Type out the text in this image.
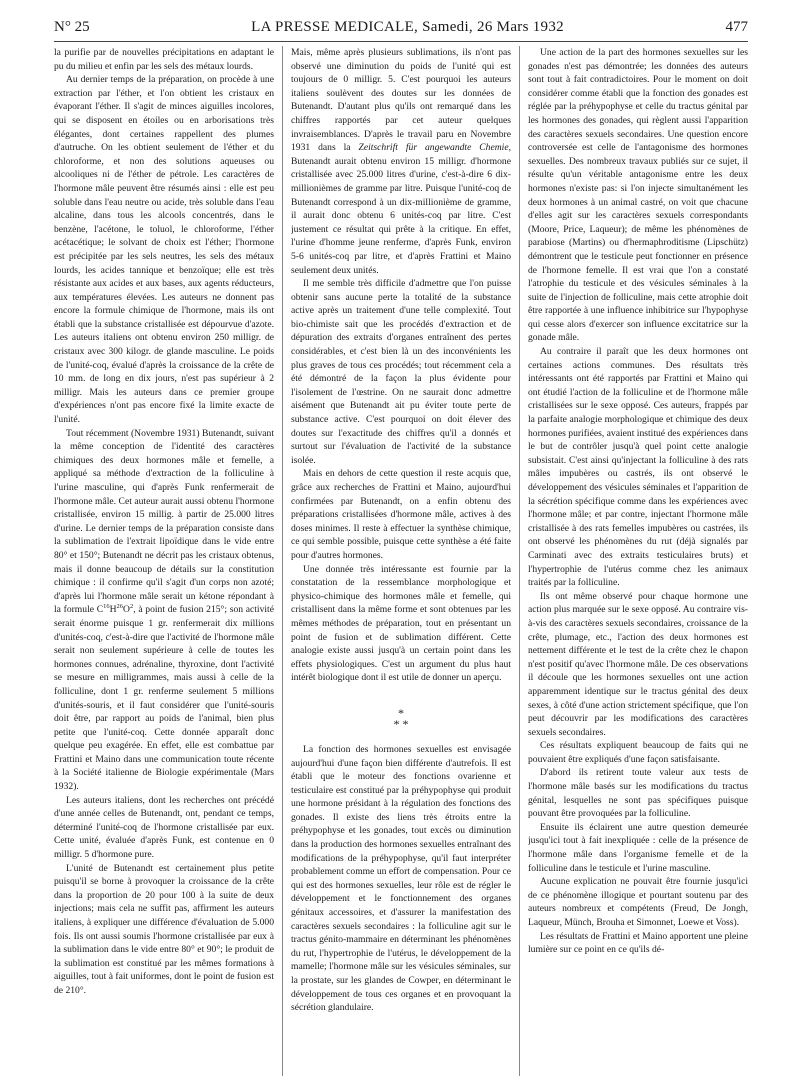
N° 25	LA PRESSE MEDICALE, Samedi, 26 Mars 1932	477

la purifie par de nouvelles précipitations en adaptant le pu du milieu et enfin par les sels des métaux lourds.

Au dernier temps de la préparation, on procède à une extraction par l'éther, et l'on obtient les cristaux en évaporant l'éther. Il s'agit de minces aiguilles incolores, qui se disposent en étoiles ou en arborisations très élégantes, dont certaines rappellent des plumes d'autruche. On les obtient seulement de l'éther et du chloroforme, et non des solutions aqueuses ou alcooliques ni de l'éther de pétrole. Les caractères de l'hormone mâle peuvent être résumés ainsi : elle est peu soluble dans l'eau neutre ou acide, très soluble dans l'eau alcaline, dans tous les alcools concentrés, dans le benzène, l'acétone, le toluol, le chloroforme, l'éther acétacétique; le solvant de choix est l'éther; l'hormone est précipitée par les sels neutres, les sels des métaux lourds, les acides tannique et benzoïque; elle est très résistante aux acides et aux bases, aux agents réducteurs, aux températures élevées. Les auteurs ne donnent pas encore la formule chimique de l'hormone, mais ils ont établi que la substance cristallisée est dépourvue d'azote. Les auteurs italiens ont obtenu environ 250 milligr. de cristaux avec 300 kilogr. de glande masculine. Le poids de l'unité-coq, évalué d'après la croissance de la crête de 10 mm. de long en dix jours, n'est pas supérieur à 2 milligr. Mais les auteurs dans ce premier groupe d'expériences n'ont pas encore fixé la limite exacte de l'unité.

Tout récemment (Novembre 1931) Butenandt, suivant la même conception de l'identité des caractères chimiques des deux hormones mâle et femelle, a appliqué sa méthode d'extraction de la folliculine à l'urine masculine, qui d'après Funk renfermerait de l'hormone mâle. Cet auteur aurait aussi obtenu l'hormone cristallisée, environ 15 millig. à partir de 25.000 litres d'urine. Le dernier temps de la préparation consiste dans la sublimation de l'extrait lipoïdique dans le vide entre 80° et 150°; Butenandt ne décrit pas les cristaux obtenus, mais il donne beaucoup de détails sur la constitution chimique : il confirme qu'il s'agit d'un corps non azoté; d'après lui l'hormone mâle serait un kétone répondant à la formule $C^{16}H^{26}O^2$, à point de fusion 215°; son activité serait énorme puisque 1 gr. renfermerait dix millions d'unités-coq, c'est-à-dire que l'activité de l'hormone mâle serait non seulement supérieure à celle de toutes les hormones connues, adrénaline, thyroxine, dont l'activité se mesure en milligrammes, mais aussi à celle de la folliculine, dont 1 gr. renferme seulement 5 millions d'unités-souris, et il faut considérer que l'unité-souris doit être, par rapport au poids de l'animal, bien plus petite que l'unité-coq. Cette donnée apparaît donc quelque peu exagérée. En effet, elle est combattue par Frattini et Maino dans une communication toute récente à la Société italienne de Biologie expérimentale (Mars 1932).

Les auteurs italiens, dont les recherches ont précédé d'une année celles de Butenandt, ont, pendant ce temps, déterminé l'unité-coq de l'hormone cristallisée par eux. Cette unité, évaluée d'après Funk, est contenue en 0 milligr. 5 d'hormone pure.

L'unité de Butenandt est certainement plus petite puisqu'il se borne à provoquer la croissance de la crête dans la proportion de 20 pour 100 à la suite de deux injections; mais cela ne suffit pas, affirment les auteurs italiens, à expliquer une différence d'évaluation de 5.000 fois. Ils ont aussi soumis l'hormone cristallisée par eux à la sublimation dans le vide entre 80° et 90°; le produit de la sublimation est constitué par les mêmes formations à aiguilles, tout à fait uniformes, dont le point de fusion est de 210°.

Mais, même après plusieurs sublimations, ils n'ont pas observé une diminution du poids de l'unité qui est toujours de 0 milligr. 5. C'est pourquoi les auteurs italiens soulèvent des doutes sur les données de Butenandt. D'autant plus qu'ils ont remarqué dans les chiffres rapportés par cet auteur quelques invraisemblances. D'après le travail paru en Novembre 1931 dans la Zeitschrift für angewandte Chemie, Butenandt aurait obtenu environ 15 milligr. d'hormone cristallisée avec 25.000 litres d'urine, c'est-à-dire 6 dix-millionièmes de gramme par litre. Puisque l'unité-coq de Butenandt correspond à un dix-millionième de gramme, il aurait donc obtenu 6 unités-coq par litre. C'est justement ce résultat qui prête à la critique. En effet, l'urine d'homme jeune renferme, d'après Funk, environ 5-6 unités-coq par litre, et d'après Frattini et Maino seulement deux unités.

Il me semble très difficile d'admettre que l'on puisse obtenir sans aucune perte la totalité de la substance active après un traitement d'une telle complexité. Tout bio-chimiste sait que les procédés d'extraction et de dépuration des extraits d'organes entraînent des pertes considérables, et c'est bien là un des inconvénients les plus graves de tous ces procédés; tout récemment cela a été démontré de la façon la plus évidente pour l'isolement de l'œstrine. On ne saurait donc admettre aisément que Butenandt ait pu éviter toute perte de substance active. C'est pourquoi on doit élever des doutes sur l'exactitude des chiffres qu'il a donnés et surtout sur l'évaluation de l'activité de la substance isolée.

Mais en dehors de cette question il reste acquis que, grâce aux recherches de Frattini et Maino, aujourd'hui confirmées par Butenandt, on a enfin obtenu des préparations cristallisées d'hormone mâle, actives à des doses minimes. Il reste à effectuer la synthèse chimique, ce qui semble possible, puisque cette synthèse a été faite pour d'autres hormones.

Une donnée très intéressante est fournie par la constatation de la ressemblance morphologique et physico-chimique des hormones mâle et femelle, qui cristallisent dans la même forme et sont obtenues par les mêmes méthodes de préparation, tout en présentant un point de fusion et de sublimation différent. Cette analogie existe aussi jusqu'à un certain point dans les effets physiologiques. C'est un argument du plus haut intérêt biologique dont il est utile de donner un aperçu.

*
* *

La fonction des hormones sexuelles est envisagée aujourd'hui d'une façon bien différente d'autrefois. Il est établi que le moteur des fonctions ovarienne et testiculaire est constitué par la préhypophyse qui produit une hormone présidant à la régulation des fonctions des gonades. Il existe des liens très étroits entre la préhypophyse et les gonades, tout excès ou diminution dans la production des hormones sexuelles entraînant des modifications de la préhypophyse, qu'il faut interpréter probablement comme un effort de compensation. Pour ce qui est des hormones sexuelles, leur rôle est de régler le développement et le fonctionnement des organes génitaux accessoires, et d'assurer la manifestation des caractères sexuels secondaires : la folliculine agit sur le tractus génito-mammaire en déterminant les phénomènes du rut, l'hypertrophie de l'utérus, le développement de la mamelle; l'hormone mâle sur les vésicules séminales, sur la prostate, sur les glandes de Cowper, en déterminant le développement de tous ces organes et en provoquant la sécrétion glandulaire.

Une action de la part des hormones sexuelles sur les gonades n'est pas démontrée; les données des auteurs sont tout à fait contradictoires. Pour le moment on doit considérer comme établi que la fonction des gonades est réglée par la préhypophyse et celle du tractus génital par les hormones des gonades, qui règlent aussi l'apparition des caractères sexuels secondaires. Une question encore controversée est celle de l'antagonisme des hormones sexuelles. Des nombreux travaux publiés sur ce sujet, il résulte qu'un véritable antagonisme entre les deux hormones n'existe pas: si l'on injecte simultanément les deux hormones à un animal castré, on voit que chacune d'elles agit sur les caractères sexuels correspondants (Moore, Price, Laqueur); de même les phénomènes de parabiose (Martins) ou d'hermaphroditisme (Lipschütz) démontrent que le testicule peut fonctionner en présence de l'hormone femelle. Il est vrai que l'on a constaté l'atrophie du testicule et des vésicules séminales à la suite de l'injection de folliculine, mais cette atrophie doit être rapportée à une influence inhibitrice sur l'hypophyse qui cesse alors d'exercer son influence excitatrice sur la gonade mâle.

Au contraire il paraît que les deux hormones ont certaines actions communes. Des résultats très intéressants ont été rapportés par Frattini et Maino qui ont étudié l'action de la folliculine et de l'hormone mâle cristallisées sur le sexe opposé. Ces auteurs, frappés par la parfaite analogie morphologique et chimique des deux hormones purifiées, avaient institué des expériences dans le but de contrôler jusqu'à quel point cette analogie subsistait. C'est ainsi qu'injectant la folliculine à des rats mâles impubères ou castrés, ils ont observé le développement des vésicules séminales et l'apparition de la sécrétion spécifique comme dans les expériences avec l'hormone mâle; et par contre, injectant l'hormone mâle cristallisée à des rats femelles impubères ou castrées, ils ont observé les phénomènes du rut (déjà signalés par Carminati avec des extraits testiculaires bruts) et l'hypertrophie de l'utérus comme chez les animaux traités par la folliculine.

Ils ont même observé pour chaque hormone une action plus marquée sur le sexe opposé. Au contraire vis-à-vis des caractères sexuels secondaires, croissance de la crête, plumage, etc., l'action des deux hormones est nettement différente et le test de la crête chez le chapon n'est positif qu'avec l'hormone mâle. De ces observations il découle que les hormones sexuelles ont une action apparemment identique sur le tractus génital des deux sexes, à côté d'une action strictement spécifique, que l'on peut découvrir par les modifications des caractères sexuels secondaires.

Ces résultats expliquent beaucoup de faits qui ne pouvaient être expliqués d'une façon satisfaisante.

D'abord ils retirent toute valeur aux tests de l'hormone mâle basés sur les modifications du tractus génital, lesquelles ne sont pas spécifiques puisque pouvant être provoquées par la folliculine.

Ensuite ils éclairent une autre question demeurée jusqu'ici tout à fait inexpliquée : celle de la présence de l'hormone mâle dans l'organisme femelle et de la folliculine dans le testicule et l'urine masculine.

Aucune explication ne pouvait être fournie jusqu'ici de ce phénomène illogique et pourtant soutenu par des auteurs nombreux et compétents (Freud, De Jongh, Laqueur, Münch, Brouha et Simonnet, Loewe et Voss).

Les résultats de Frattini et Maino apportent une pleine lumière sur ce point en ce qu'ils dé-
